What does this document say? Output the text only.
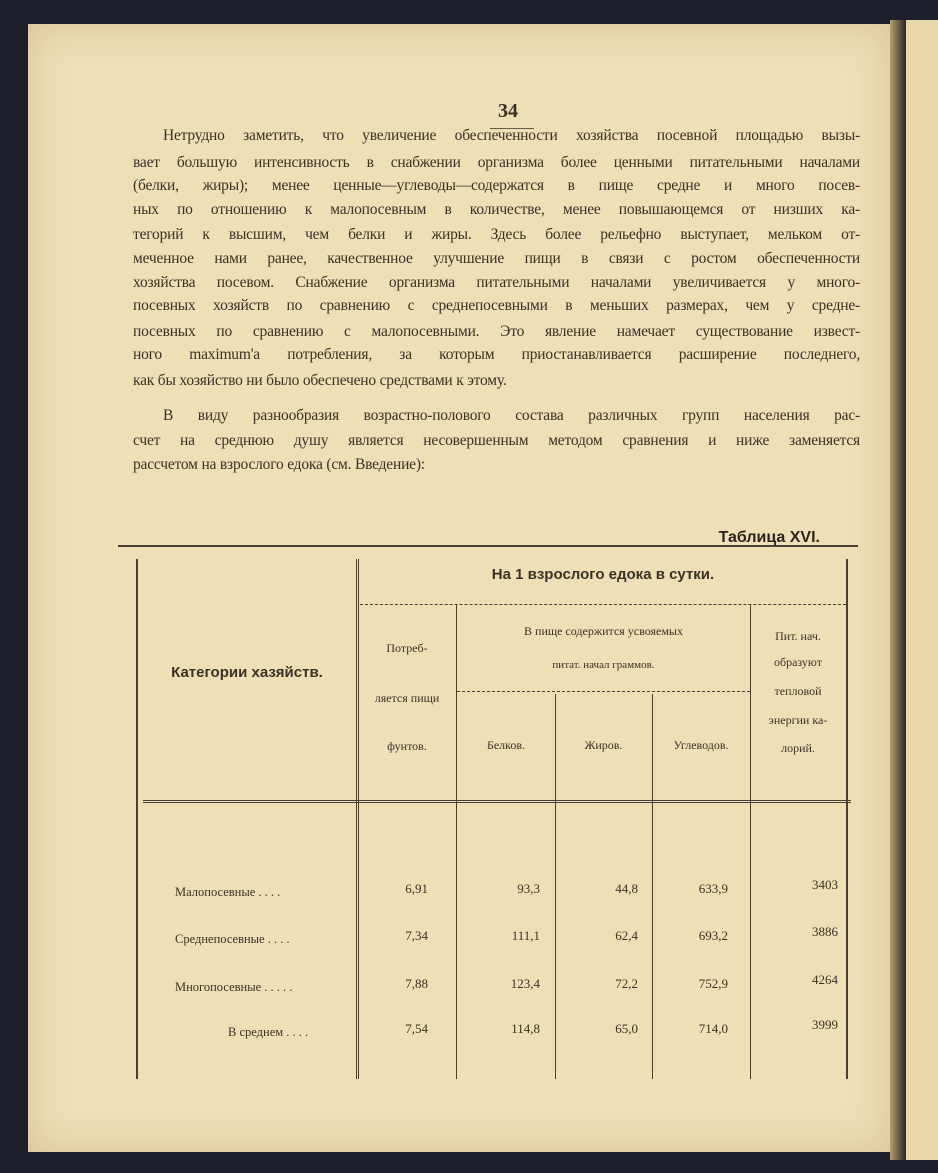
34
Нетрудно заметить, что увеличение обеспеченности хозяйства посевной площадью вызы-
вает большую интенсивность в снабжении организма более ценными питательными началами
(белки, жиры); менее ценные—углеводы—содержатся в пище средне и много посев-
ных по отношению к малопосевным в количестве, менее повышающемся от низших ка-
тегорий к высшим, чем белки и жиры. Здесь более рельефно выступает, мельком от-
меченное нами ранее, качественное улучшение пищи в связи с ростом обеспеченности
хозяйства посевом. Снабжение организма питательными началами увеличивается у много-
посевных хозяйств по сравнению с среднепосевными в меньших размерах, чем у средне-
посевных по сравнению с малопосевными. Это явление намечает существование извест-
ного maximum'a потребления, за которым приостанавливается расширение последнего,
как бы хозяйство ни было обеспечено средствами к этому.
В виду разнообразия возрастно-полового состава различных групп населения рас-
счет на среднюю душу является несовершенным методом сравнения и ниже заменяется
рассчетом на взрослого едока (см. Введение):
Таблица XVI.
Категории хазяйств.
На 1 взрослого едока в сутки.
Потреб-
ляется пищи
фунтов.
В пище содержится усвояемых
питат. начал граммов.
Белков.	Жиров.	Углеводов.
Пит. нач.
образуют
тепловой
энергии ка-
лорий.
Малопосевные . . . .	6,91	93,3	44,8	633,9	3403
Среднепосевные . . . .	7,34	111,1	62,4	693,2	3886
Многопосевные . . . . .	7,88	123,4	72,2	752,9	4264
В среднем . . . .	7,54	114,8	65,0	714,0	3999
